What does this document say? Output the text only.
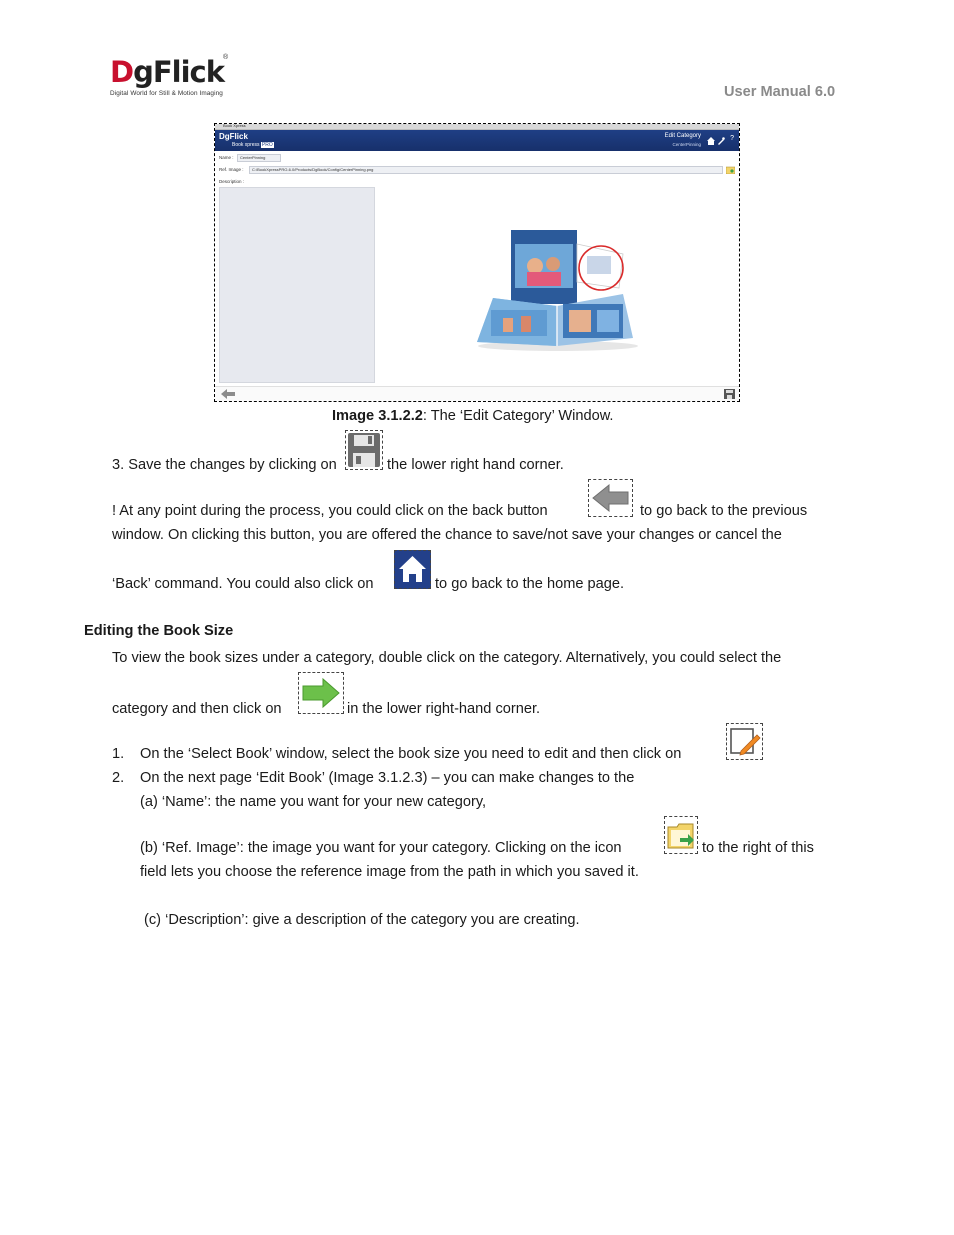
DgFlick
®
Digital World for Still & Motion Imaging	User Manual 6.0
Book Xpress
DgFlick
Book xpress PRO
Edit Category
CenterPinning
?
Name :	CenterPinning
Ref. Image :	C:/BookXpressPRO-6.0/Products/DgBook/Config/CenterPinning.png
Description :
Image 3.1.2.2: The ‘Edit Category’ Window.
3. Save the changes by clicking on	the lower right hand corner.
! At any point during the process, you could click on the back button	to go back to the previous
window. On clicking this button, you are offered the chance to save/not save your changes or cancel the
‘Back’ command. You could also click on	to go back to the home page.
Editing the Book Size
To view the book sizes under a category, double click on the category. Alternatively, you could select the
category and then click on	in the lower right-hand corner.
1. On the ‘Select Book’ window, select the book size you need to edit and then click on
2. On the next page ‘Edit Book’ (Image 3.1.2.3) – you can make changes to the
(a) ‘Name’: the name you want for your new category,
(b) ‘Ref. Image’: the image you want for your category. Clicking on the icon	to the right of this
field lets you choose the reference image from the path in which you saved it.
(c) ‘Description’: give a description of the category you are creating.
